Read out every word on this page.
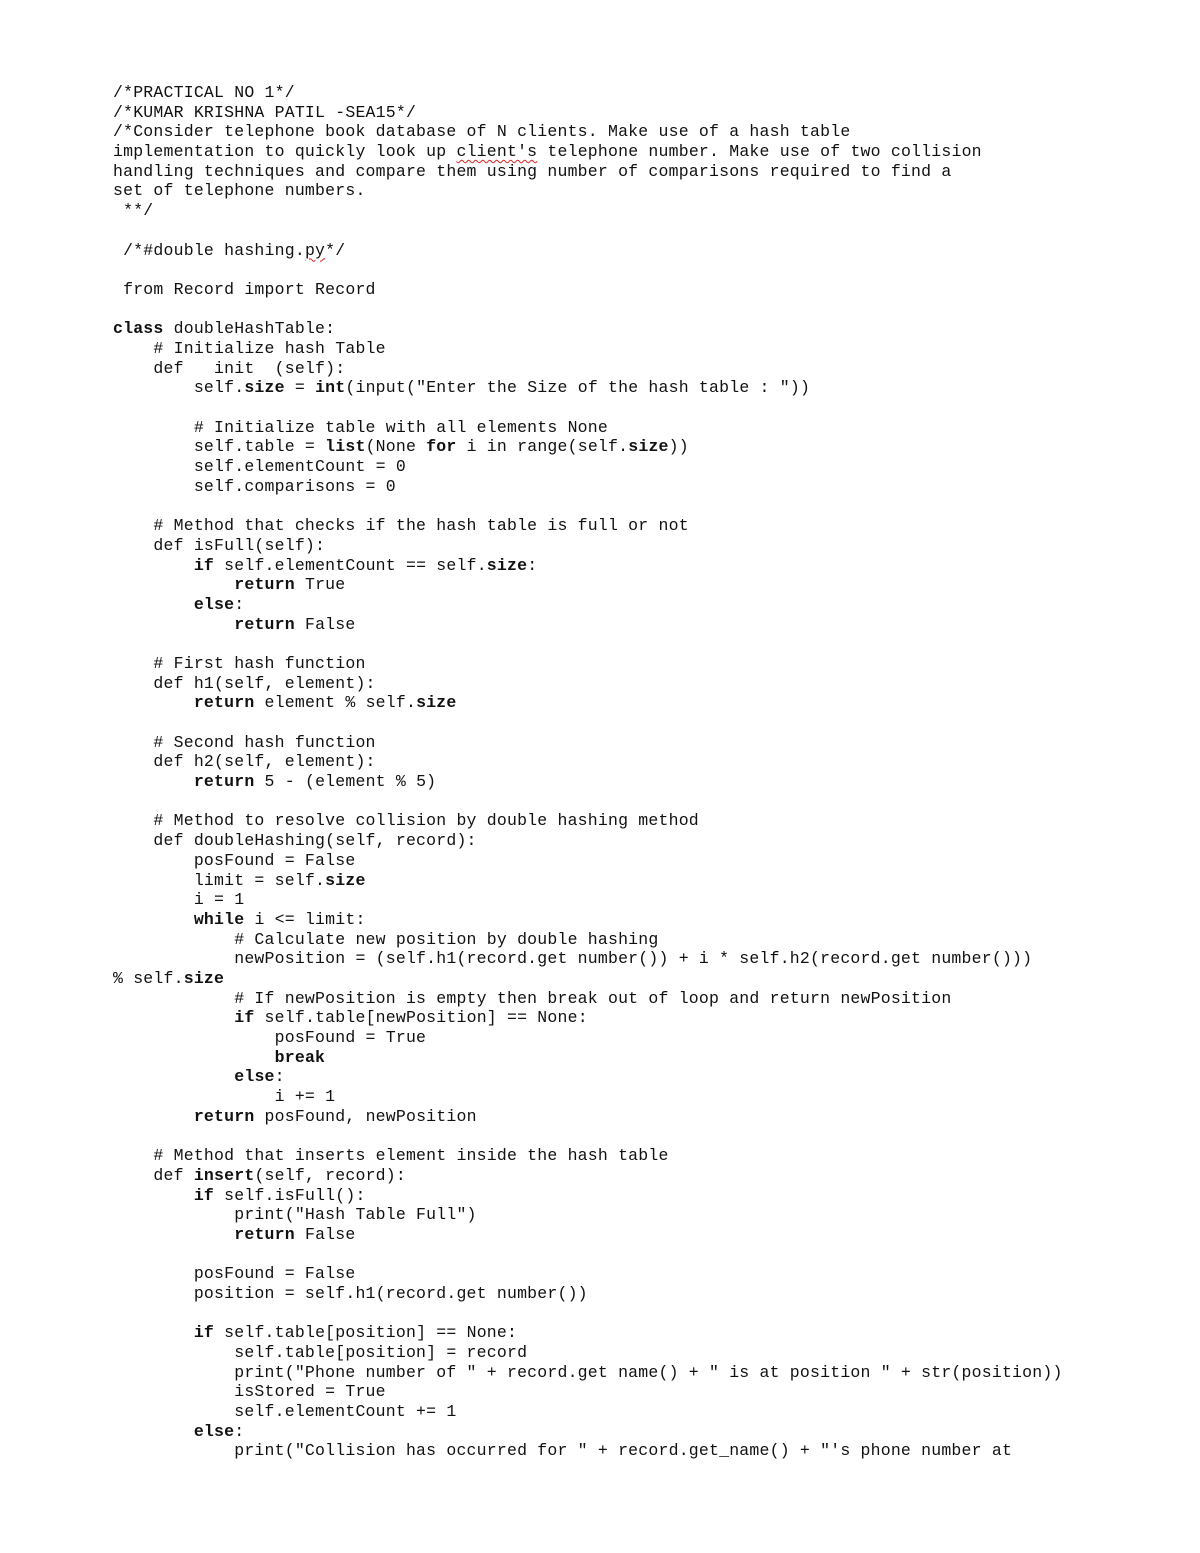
/*PRACTICAL NO 1*/
/*KUMAR KRISHNA PATIL -SEA15*/
/*Consider telephone book database of N clients. Make use of a hash table
implementation to quickly look up client's telephone number. Make use of two collision
handling techniques and compare them using number of comparisons required to find a
set of telephone numbers.
**/

/*#double hashing.py*/

from Record import Record

class doubleHashTable:
# Initialize hash Table
def   init  (self):
self.size = int(input("Enter the Size of the hash table : "))

# Initialize table with all elements None
self.table = list(None for i in range(self.size))
self.elementCount = 0
self.comparisons = 0

# Method that checks if the hash table is full or not
def isFull(self):
if self.elementCount == self.size:
return True
else:
return False

# First hash function
def h1(self, element):
return element % self.size

# Second hash function
def h2(self, element):
return 5 - (element % 5)

# Method to resolve collision by double hashing method
def doubleHashing(self, record):
posFound = False
limit = self.size
i = 1
while i <= limit:
# Calculate new position by double hashing
newPosition = (self.h1(record.get number()) + i * self.h2(record.get number()))
% self.size
# If newPosition is empty then break out of loop and return newPosition
if self.table[newPosition] == None:
posFound = True
break
else:
i += 1
return posFound, newPosition

# Method that inserts element inside the hash table
def insert(self, record):
if self.isFull():
print("Hash Table Full")
return False

posFound = False
position = self.h1(record.get number())

if self.table[position] == None:
self.table[position] = record
print("Phone number of " + record.get name() + " is at position " + str(position))
isStored = True
self.elementCount += 1
else:
print("Collision has occurred for " + record.get_name() + "'s phone number at
